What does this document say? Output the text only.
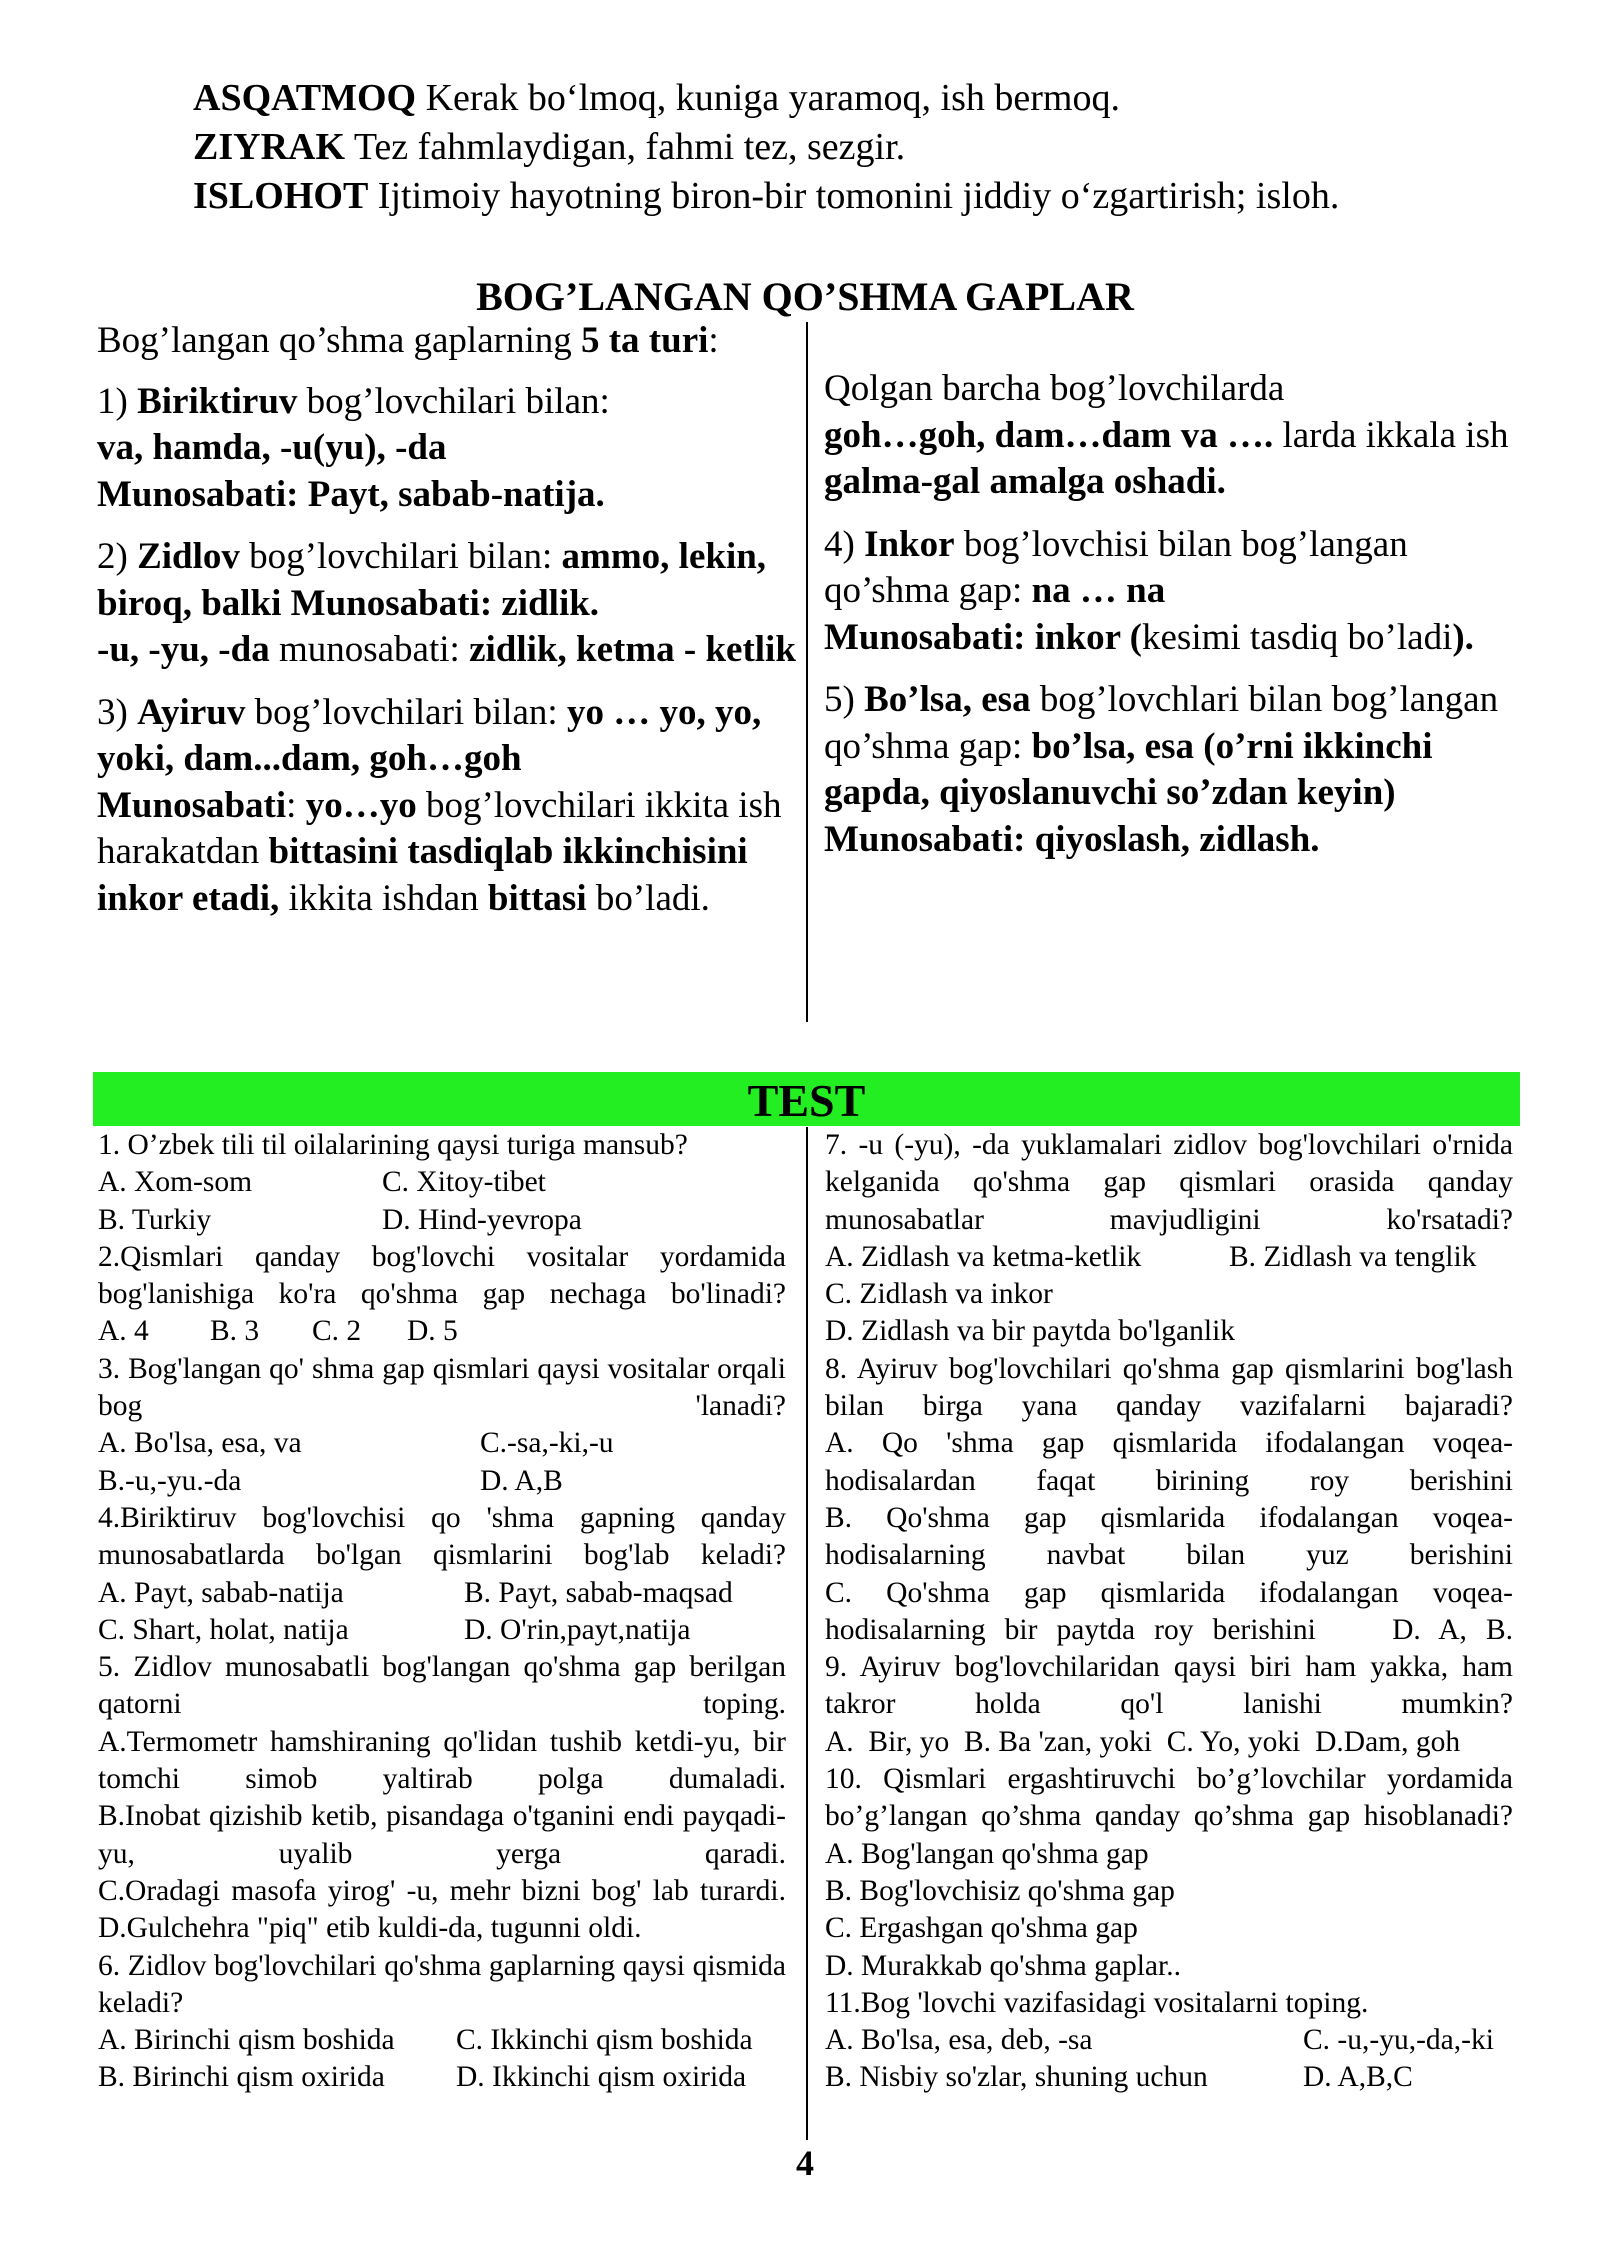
ASQATMOQ Kerak bo‘lmoq, kuniga yaramoq, ish bermoq.
ZIYRAK Tez fahmlaydigan, fahmi tez, sezgir.
ISLOHOT Ijtimoiy hayotning biron-bir tomonini jiddiy o‘zgartirish; isloh.
BOG’LANGAN QO’SHMA GAPLAR

Bog’langan qo’shma gaplarning 5 ta turi:

1) Biriktiruv bog’lovchilari bilan:
va, hamda, -u(yu), -da
Munosabati: Payt, sabab-natija.

2) Zidlov bog’lovchilari bilan: ammo, lekin, biroq, balki Munosabati: zidlik.
-u, -yu, -da munosabati: zidlik, ketma - ketlik

3) Ayiruv bog’lovchilari bilan: yo … yo, yo, yoki, dam...dam, goh…goh
Munosabati: yo…yo bog’lovchilari ikkita ish harakatdan bittasini tasdiqlab ikkinchisini inkor etadi, ikkita ishdan bittasi bo’ladi.

Qolgan barcha bog’lovchilarda
goh…goh, dam…dam va …. larda ikkala ish galma-gal amalga oshadi.

4) Inkor bog’lovchisi bilan bog’langan qo’shma gap: na … na
Munosabati: inkor (kesimi tasdiq bo’ladi).

5) Bo’lsa, esa bog’lovchlari bilan bog’langan qo’shma gap: bo’lsa, esa (o’rni ikkinchi gapda, qiyoslanuvchi so’zdan keyin)
Munosabati: qiyoslash, zidlash.

TEST
1. O’zbek tili til oilalarining qaysi turiga mansub?
A. Xom-som	C. Xitoy-tibet
B. Turkiy	D. Hind-yevropa
2.Qismlari qanday bog'lovchi vositalar yordamida bog'lanishiga ko'ra qo'shma gap nechaga bo'linadi?
A. 4	B. 3	C. 2	D. 5
3. Bog'langan qo' shma gap qismlari qaysi vositalar orqali bog 'lanadi?
A. Bo'lsa, esa, va	C.-sa,-ki,-u
B.-u,-yu.-da	D. A,B
4.Biriktiruv bog'lovchisi qo 'shma gapning qanday munosabatlarda bo'lgan qismlarini bog'lab keladi?
A. Payt, sabab-natija	B. Payt, sabab-maqsad
C. Shart, holat, natija	D. O'rin,payt,natija
5. Zidlov munosabatli bog'langan qo'shma gap berilgan qatorni toping.
A.Termometr hamshiraning qo'lidan tushib ketdi-yu, bir tomchi simob yaltirab polga dumaladi.
B.Inobat qizishib ketib, pisandaga o'tganini endi payqadi-yu, uyalib yerga qaradi.
C.Oradagi masofa yirog' -u, mehr bizni bog' lab turardi.
D.Gulchehra "piq" etib kuldi-da, tugunni oldi.
6. Zidlov bog'lovchilari qo'shma gaplarning qaysi qismida keladi?
A. Birinchi qism boshida	C. Ikkinchi qism boshida
B. Birinchi qism oxirida	D. Ikkinchi qism oxirida
7. -u (-yu), -da yuklamalari zidlov bog'lovchilari o'rnida kelganida qo'shma gap qismlari orasida qanday munosabatlar mavjudligini ko'rsatadi?
A. Zidlash va ketma-ketlik	B. Zidlash va tenglik
C. Zidlash va inkor
D. Zidlash va bir paytda bo'lganlik
8. Ayiruv bog'lovchilari qo'shma gap qismlarini bog'lash bilan birga yana qanday vazifalarni bajaradi?
A. Qo 'shma gap qismlarida ifodalangan voqea-hodisalardan faqat birining roy berishini
B. Qo'shma gap qismlarida ifodalangan voqea-hodisalarning navbat bilan yuz berishini
C. Qo'shma gap qismlarida ifodalangan voqea-hodisalarning bir paytda roy berishini	D. A, B.
9. Ayiruv bog'lovchilaridan qaysi biri ham yakka, ham takror holda qo'l lanishi mumkin?
A.  Bir, yo  B. Ba 'zan, yoki  C. Yo, yoki  D.Dam, goh
10. Qismlari ergashtiruvchi bo’g’lovchilar yordamida bo’g’langan qo’shma qanday qo’shma gap hisoblanadi?
A. Bog'langan qo'shma gap
B. Bog'lovchisiz qo'shma gap
C. Ergashgan qo'shma gap
D. Murakkab qo'shma gaplar..
11.Bog 'lovchi vazifasidagi vositalarni toping.
A. Bo'lsa, esa, deb, -sa	C. -u,-yu,-da,-ki
B. Nisbiy so'zlar, shuning uchun	D. A,B,C
4
